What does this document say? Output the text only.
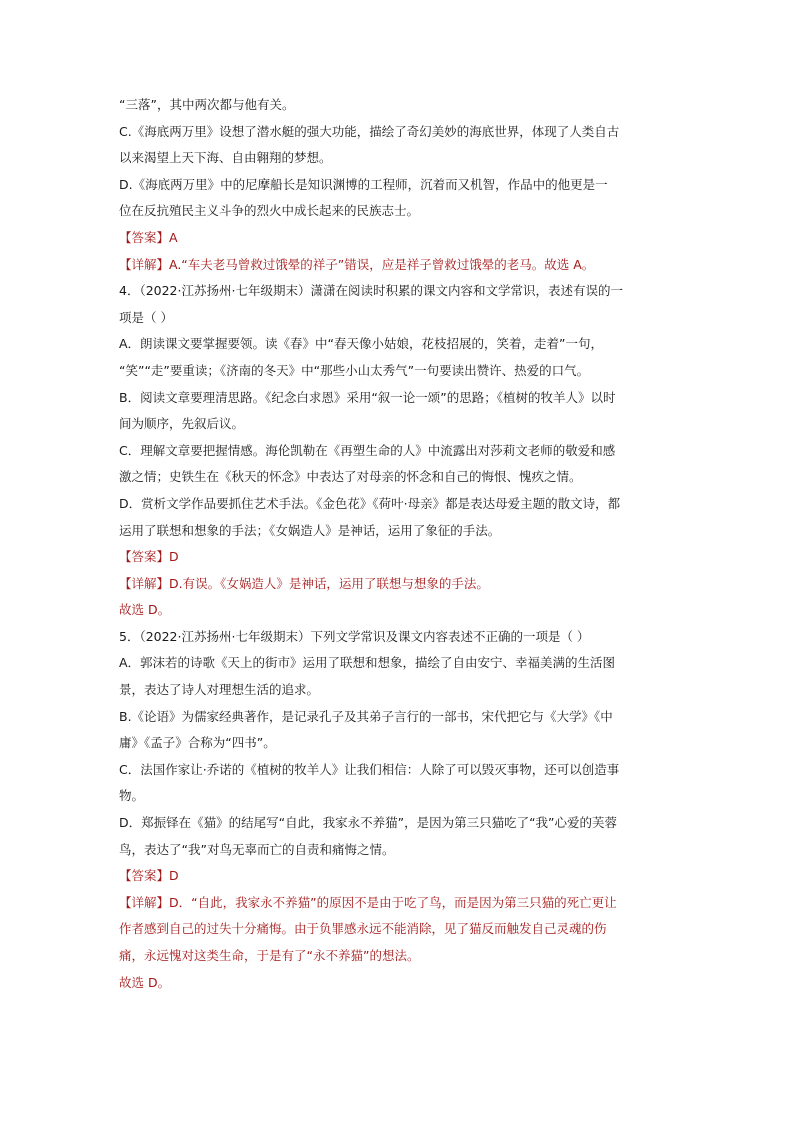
“三落”，其中两次都与他有关。
C.《海底两万里》设想了潜水艇的强大功能，描绘了奇幻美妙的海底世界，体现了人类自古
以来渴望上天下海、自由翱翔的梦想。
D.《海底两万里》中的尼摩船长是知识渊博的工程师，沉着而又机智，作品中的他更是一
位在反抗殖民主义斗争的烈火中成长起来的民族志士。
【答案】A
【详解】A.“车夫老马曾救过饿晕的祥子”错误，应是祥子曾救过饿晕的老马。故选 A。
4．（2022·江苏扬州·七年级期末）潇潇在阅读时积累的课文内容和文学常识，表述有误的一
项是（ ）
A．朗读课文要掌握要领。读《春》中“春天像小姑娘，花枝招展的，笑着，走着”一句，
“笑”“走”要重读；《济南的冬天》中“那些小山太秀气”一句要读出赞许、热爱的口气。
B．阅读文章要理清思路。《纪念白求恩》采用“叙一论一颂”的思路；《植树的牧羊人》以时
间为顺序，先叙后议。
C．理解文章要把握情感。海伦凯勒在《再塑生命的人》中流露出对莎莉文老师的敬爱和感
激之情；史铁生在《秋天的怀念》中表达了对母亲的怀念和自己的悔恨、愧疚之情。
D．赏析文学作品要抓住艺术手法。《金色花》《荷叶·母亲》都是表达母爱主题的散文诗，都
运用了联想和想象的手法；《女娲造人》是神话，运用了象征的手法。
【答案】D
【详解】D.有误。《女娲造人》是神话，运用了联想与想象的手法。
故选 D。
5．（2022·江苏扬州·七年级期末）下列文学常识及课文内容表述不正确的一项是（ ）
A．郭沫若的诗歌《天上的街市》运用了联想和想象，描绘了自由安宁、幸福美满的生活图
景，表达了诗人对理想生活的追求。
B.《论语》为儒家经典著作，是记录孔子及其弟子言行的一部书，宋代把它与《大学》《中
庸》《孟子》合称为“四书”。
C．法国作家让·乔诺的《植树的牧羊人》让我们相信：人除了可以毁灭事物，还可以创造事
物。
D．郑振铎在《猫》的结尾写“自此，我家永不养猫”，是因为第三只猫吃了“我”心爱的芙蓉
鸟，表达了“我”对鸟无辜而亡的自责和痛悔之情。
【答案】D
【详解】D．“自此，我家永不养猫”的原因不是由于吃了鸟，而是因为第三只猫的死亡更让
作者感到自己的过失十分痛悔。由于负罪感永远不能消除，见了猫反而触发自己灵魂的伤
痛，永远愧对这类生命，于是有了“永不养猫”的想法。
故选 D。
